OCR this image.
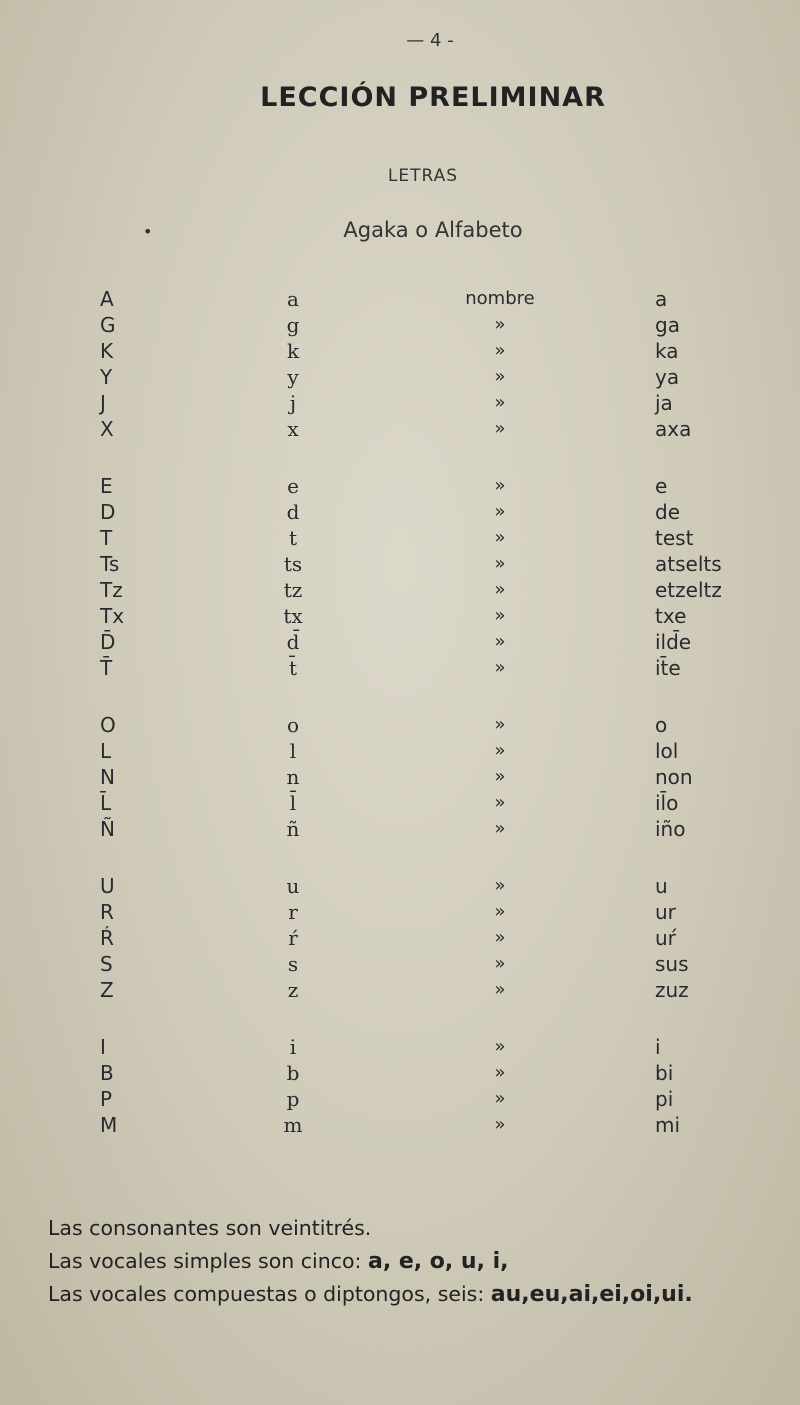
— 4 -
LECCIÓN PRELIMINAR
LETRAS
•	Agaka o Alfabeto
A	a	nombre	a
G	g	»	ga
K	k	»	ka
Y	y	»	ya
J	j	»	ja
X	x	»	axa
E	e	»	e
D	d	»	de
T	t	»	test
Ts	ts	»	atselts
Tz	tz	»	etzeltz
Tx	tx	»	txe
D̄	d̄	»	ild̄e
T̄	t̄	»	it̄e
O	o	»	o
L	l	»	lol
N	n	»	non
L̄	l̄	»	il̄o
Ñ	ñ	»	iño
U	u	»	u
R	r	»	ur
Ŕ	ŕ	»	uŕ
S	s	»	sus
Z	z	»	zuz
I	i	»	i
B	b	»	bi
P	p	»	pi
M	m	»	mi
Las consonantes son veintitrés.
Las vocales simples son cinco: a, e, o, u, i,
Las vocales compuestas o diptongos, seis: au,eu,ai,ei,oi,ui.
